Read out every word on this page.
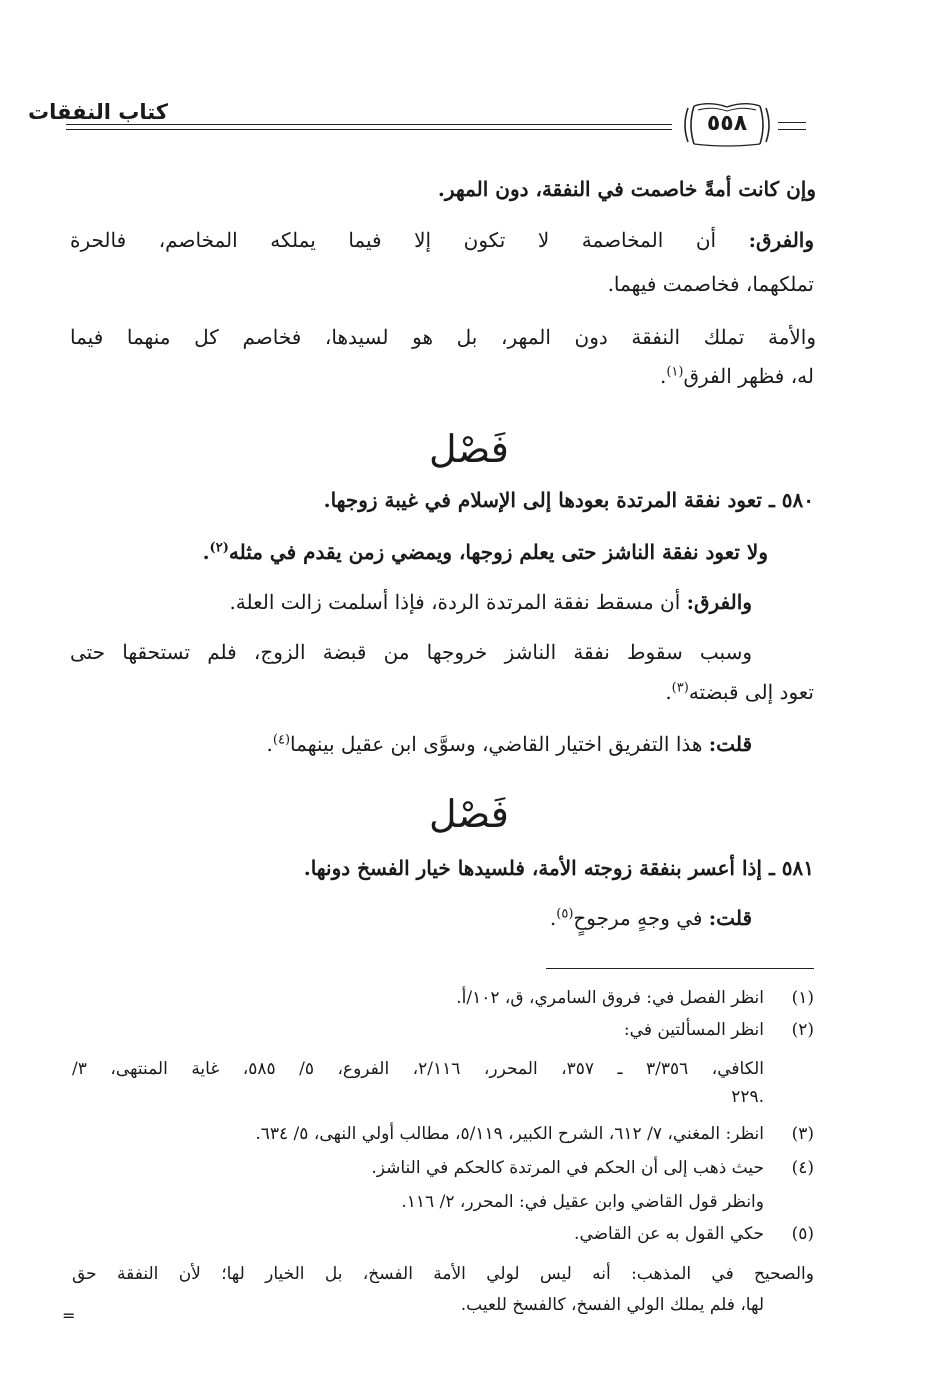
كتاب النفقات	٥٥٨

وإن كانت أمةً خاصمت في النفقة، دون المهر.

والفرق: أن المخاصمة لا تكون إلا فيما يملكه المخاصم، فالحرة

تملكهما، فخاصمت فيهما.

والأمة تملك النفقة دون المهر، بل هو لسيدها، فخاصم كل منهما فيما

له، فظهر الفرق$^{(١)}$.

فَصْل

٥٨٠ ـ تعود نفقة المرتدة بعودها إلى الإسلام في غيبة زوجها.

ولا تعود نفقة الناشز حتى يعلم زوجها، ويمضي زمن يقدم في مثله$^{(٢)}$.

والفرق: أن مسقط نفقة المرتدة الردة، فإذا أسلمت زالت العلة.

وسبب سقوط نفقة الناشز خروجها من قبضة الزوج، فلم تستحقها حتى

تعود إلى قبضته$^{(٣)}$.

قلت: هذا التفريق اختيار القاضي، وسوَّى ابن عقيل بينهما$^{(٤)}$.

فَصْل

٥٨١ ـ إذا أعسر بنفقة زوجته الأمة، فلسيدها خيار الفسخ دونها.

قلت: في وجهٍ مرجوحٍ$^{(٥)}$.

(١)

انظر الفصل في: فروق السامري، ق، ١٠٢/أ.

(٢)

انظر المسألتين في:

الكافي، ٣/٣٥٦ ـ ٣٥٧، المحرر، ٢/١١٦، الفروع، ٥/ ٥٨٥، غاية المنتهى، ٣/

٢٢٩.

(٣)

انظر: المغني، ٧/ ٦١٢، الشرح الكبير، ٥/١١٩، مطالب أولي النهى، ٥/ ٦٣٤.

(٤)

حيث ذهب إلى أن الحكم في المرتدة كالحكم في الناشز.

وانظر قول القاضي وابن عقيل في: المحرر، ٢/ ١١٦.

(٥)

حكي القول به عن القاضي.

والصحيح في المذهب: أنه ليس لولي الأمة الفسخ، بل الخيار لها؛ لأن النفقة حق

لها، فلم يملك الولي الفسخ، كالفسخ للعيب.

=
